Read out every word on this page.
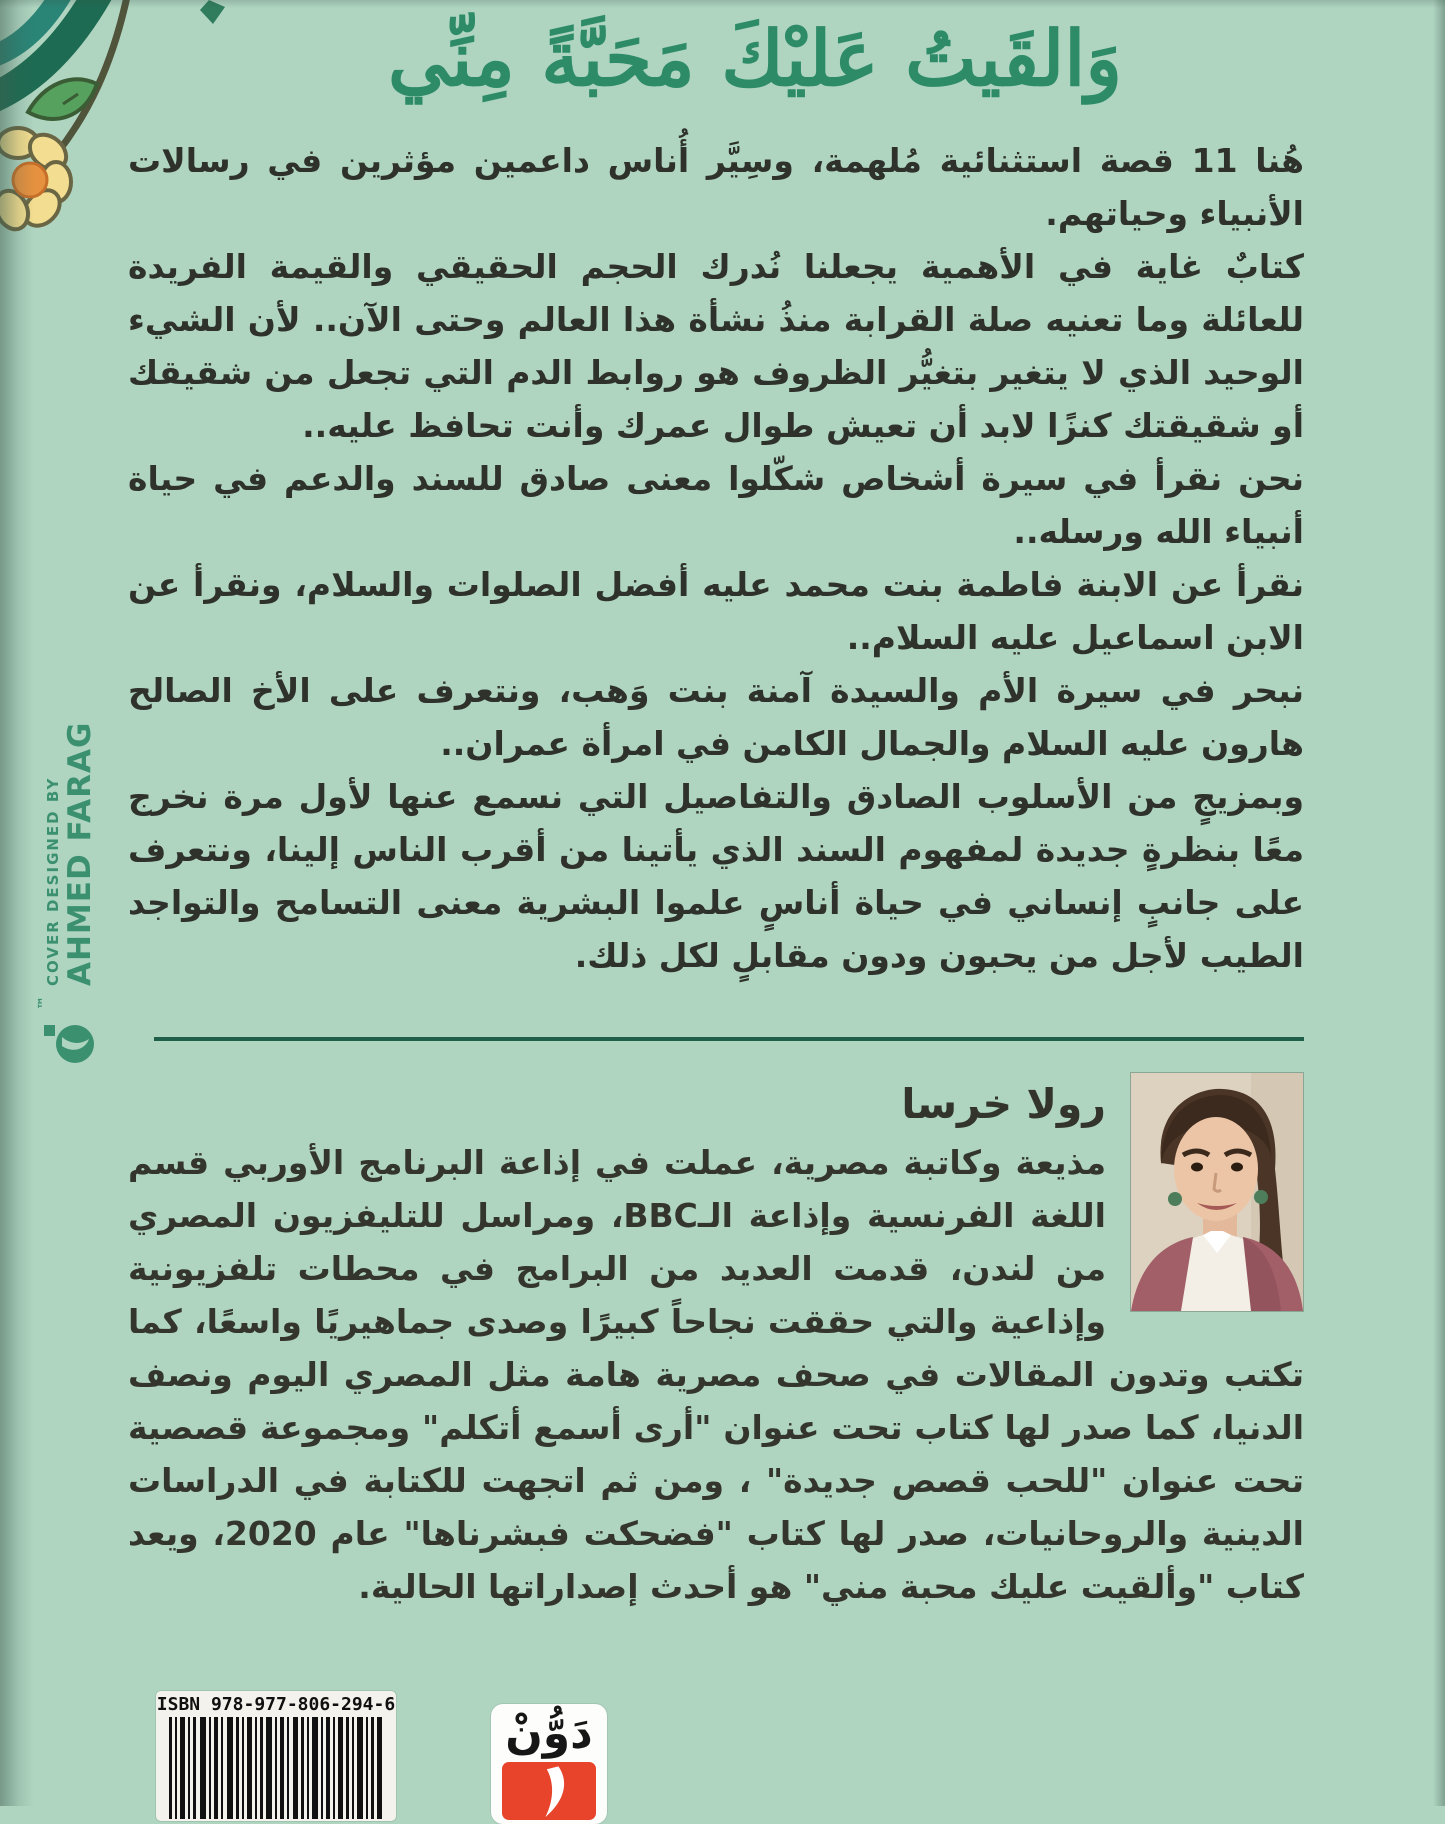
وَالقَيتُ عَليْكَ مَحَبَّةً مِنِّي

هُنا 11 قصة استثنائية مُلهمة، وسِيَّر أُناس داعمين مؤثرين في رسالات الأنبياء وحياتهم.

كتابٌ غاية في الأهمية يجعلنا نُدرك الحجم الحقيقي والقيمة الفريدة للعائلة وما تعنيه صلة القرابة منذُ نشأة هذا العالم وحتى الآن.. لأن الشيء الوحيد الذي لا يتغير بتغيُّر الظروف هو روابط الدم التي تجعل من شقيقك أو شقيقتك كنزًا لابد أن تعيش طوال عمرك وأنت تحافظ عليه..

نحن نقرأ في سيرة أشخاص شكّلوا معنى صادق للسند والدعم في حياة أنبياء الله ورسله..

نقرأ عن الابنة فاطمة بنت محمد عليه أفضل الصلوات والسلام، ونقرأ عن الابن اسماعيل عليه السلام..

نبحر في سيرة الأم والسيدة آمنة بنت وَهب، ونتعرف على الأخ الصالح هارون عليه السلام والجمال الكامن في امرأة عمران..

وبمزيجٍ من الأسلوب الصادق والتفاصيل التي نسمع عنها لأول مرة نخرج معًا بنظرةٍ جديدة لمفهوم السند الذي يأتينا من أقرب الناس إلينا، ونتعرف على جانبٍ إنساني في حياة أناسٍ علموا البشرية معنى التسامح والتواجد الطيب لأجل من يحبون ودون مقابلٍ لكل ذلك.

™
COVER DESIGNED BY AHMED FARAG
رولا خرسا

مذيعة وكاتبة مصرية، عملت في إذاعة البرنامج الأوربي قسم اللغة الفرنسية وإذاعة الـBBC، ومراسل للتليفزيون المصري من لندن، قدمت العديد من البرامج في محطات تلفزيونية وإذاعية والتي حققت نجاحاً كبيرًا وصدى جماهيريًا واسعًا، كما تكتب وتدون المقالات في صحف مصرية هامة مثل المصري اليوم ونصف الدنيا، كما صدر لها كتاب تحت عنوان "أرى أسمع أتكلم" ومجموعة قصصية تحت عنوان "للحب قصص جديدة" ، ومن ثم اتجهت للكتابة في الدراسات الدينية والروحانيات، صدر لها كتاب "فضحكت فبشرناها" عام 2020، ويعد كتاب "وألقيت عليك محبة مني" هو أحدث إصداراتها الحالية.

ISBN 978-977-806-294-6
دَوُّنْ
